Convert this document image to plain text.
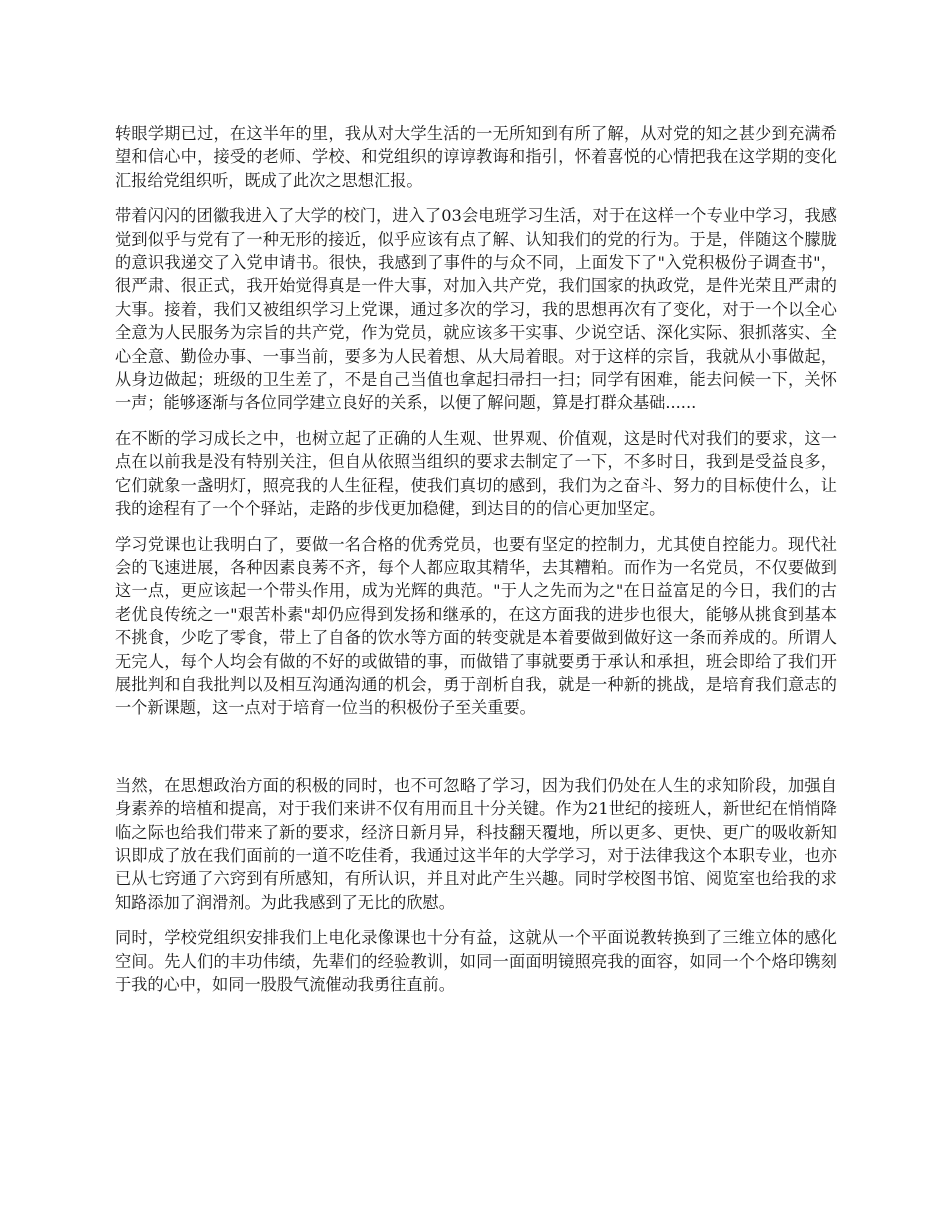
转眼学期已过，在这半年的里，我从对大学生活的一无所知到有所了解，从对党的知之甚少到充满希望和信心中，接受的老师、学校、和党组织的谆谆教诲和指引，怀着喜悦的心情把我在这学期的变化汇报给党组织听，既成了此次之思想汇报。

带着闪闪的团徽我进入了大学的校门，进入了03会电班学习生活，对于在这样一个专业中学习，我感觉到似乎与党有了一种无形的接近，似乎应该有点了解、认知我们的党的行为。于是，伴随这个朦胧的意识我递交了入党申请书。很快，我感到了事件的与众不同，上面发下了"入党积极份子调查书"，很严肃、很正式，我开始觉得真是一件大事，对加入共产党，我们国家的执政党，是件光荣且严肃的大事。接着，我们又被组织学习上党课，通过多次的学习，我的思想再次有了变化，对于一个以全心全意为人民服务为宗旨的共产党，作为党员，就应该多干实事、少说空话、深化实际、狠抓落实、全心全意、勤俭办事、一事当前，要多为人民着想、从大局着眼。对于这样的宗旨，我就从小事做起，从身边做起；班级的卫生差了，不是自己当值也拿起扫帚扫一扫；同学有困难，能去问候一下，关怀一声；能够逐渐与各位同学建立良好的关系，以便了解问题，算是打群众基础......

在不断的学习成长之中，也树立起了正确的人生观、世界观、价值观，这是时代对我们的要求，这一点在以前我是没有特别关注，但自从依照当组织的要求去制定了一下，不多时日，我到是受益良多，它们就象一盏明灯，照亮我的人生征程，使我们真切的感到，我们为之奋斗、努力的目标使什么，让我的途程有了一个个驿站，走路的步伐更加稳健，到达目的的信心更加坚定。

学习党课也让我明白了，要做一名合格的优秀党员，也要有坚定的控制力，尤其使自控能力。现代社会的飞速进展，各种因素良莠不齐，每个人都应取其精华，去其糟粕。而作为一名党员，不仅要做到这一点，更应该起一个带头作用，成为光辉的典范。"于人之先而为之"在日益富足的今日，我们的古老优良传统之一"艰苦朴素"却仍应得到发扬和继承的，在这方面我的进步也很大，能够从挑食到基本不挑食，少吃了零食，带上了自备的饮水等方面的转变就是本着要做到做好这一条而养成的。所谓人无完人，每个人均会有做的不好的或做错的事，而做错了事就要勇于承认和承担，班会即给了我们开展批判和自我批判以及相互沟通沟通的机会，勇于剖析自我，就是一种新的挑战，是培育我们意志的一个新课题，这一点对于培育一位当的积极份子至关重要。

当然，在思想政治方面的积极的同时，也不可忽略了学习，因为我们仍处在人生的求知阶段，加强自身素养的培植和提高，对于我们来讲不仅有用而且十分关键。作为21世纪的接班人，新世纪在悄悄降临之际也给我们带来了新的要求，经济日新月异，科技翻天覆地，所以更多、更快、更广的吸收新知识即成了放在我们面前的一道不吃佳肴，我通过这半年的大学学习，对于法律我这个本职专业，也亦已从七窍通了六窍到有所感知，有所认识，并且对此产生兴趣。同时学校图书馆、阅览室也给我的求知路添加了润滑剂。为此我感到了无比的欣慰。

同时，学校党组织安排我们上电化录像课也十分有益，这就从一个平面说教转换到了三维立体的感化空间。先人们的丰功伟绩，先辈们的经验教训，如同一面面明镜照亮我的面容，如同一个个烙印镌刻于我的心中，如同一股股气流催动我勇往直前。
